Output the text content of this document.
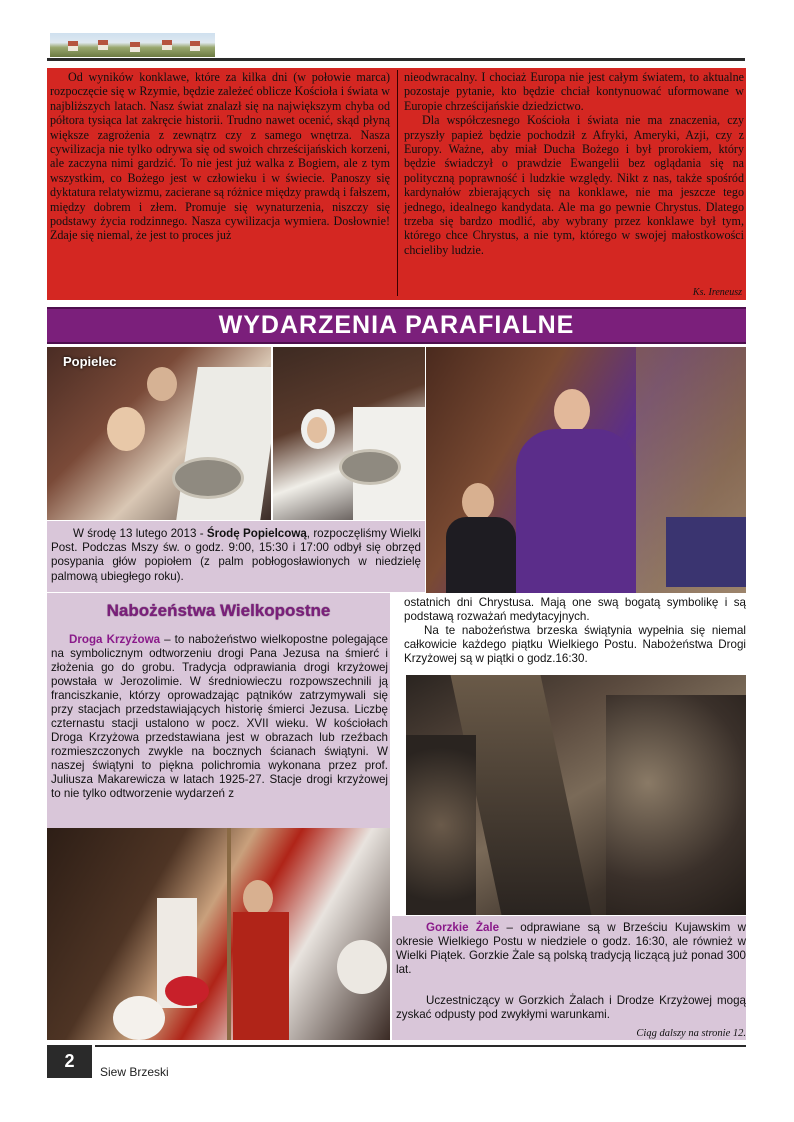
Od wyników konklawe, które za kilka dni (w połowie marca) rozpoczęcie się w Rzymie, będzie zależeć oblicze Kościoła i świata w najbliższych latach. Nasz świat znalazł się na największym chyba od półtora tysiąca lat zakręcie historii. Trudno nawet ocenić, skąd płyną większe zagrożenia z zewnątrz czy z samego wnętrza. Nasza cywilizacja nie tylko odrywa się od swoich chrześcijańskich korzeni, ale zaczyna nimi gardzić. To nie jest już walka z Bogiem, ale z tym wszystkim, co Bożego jest w człowieku i w świecie. Panoszy się dyktatura relatywizmu, zacierane są różnice między prawdą i fałszem, między dobrem i złem. Promuje się wynaturzenia, niszczy się podstawy życia rodzinnego. Nasza cywilizacja wymiera. Dosłownie! Zdaje się niemal, że jest to proces już

nieodwracalny. I chociaż Europa nie jest całym światem, to aktualne pozostaje pytanie, kto będzie chciał kontynuować uformowane w Europie chrześcijańskie dziedzictwo.

Dla współczesnego Kościoła i świata nie ma znaczenia, czy przyszły papież będzie pochodził z Afryki, Ameryki, Azji, czy z Europy. Ważne, aby miał Ducha Bożego i był prorokiem, który będzie świadczył o prawdzie Ewangelii bez oglądania się na polityczną poprawność i ludzkie względy. Nikt z nas, także spośród kardynałów zbierających się na konklawe, nie ma jeszcze tego jednego, idealnego kandydata. Ale ma go pewnie Chrystus. Dlatego trzeba się bardzo modlić, aby wybrany przez konklawe był tym, którego chce Chrystus, a nie tym, którego w swojej małostkowości chcieliby ludzie.

Ks. Ireneusz
WYDARZENIA PARAFIALNE
Popielec

W środę 13 lutego 2013 - Środę Popielcową, rozpoczęliśmy Wielki Post. Podczas Mszy św. o godz. 9:00, 15:30 i 17:00 odbył się obrzęd posypania głów popiołem (z palm pobłogosławionych w niedzielę palmową ubiegłego roku).

Nabożeństwa Wielkopostne

Droga Krzyżowa – to nabożeństwo wielkopostne polegające na symbolicznym odtworzeniu drogi Pana Jezusa na śmierć i złożenia go do grobu. Tradycja odprawiania drogi krzyżowej powstała w Jerozolimie. W średniowieczu rozpowszechnili ją franciszkanie, którzy oprowadzając pątników zatrzymywali się przy stacjach przedstawiających historię śmierci Jezusa. Liczbę czternastu stacji ustalono w pocz. XVII wieku. W kościołach Droga Krzyżowa przedstawiana jest w obrazach lub rzeźbach rozmieszczonych zwykle na bocznych ścianach świątyni. W naszej świątyni to piękna polichromia wykonana przez prof. Juliusza Makarewicza w latach 1925-27. Stacje drogi krzyżowej to nie tylko odtworzenie wydarzeń z

ostatnich dni Chrystusa. Mają one swą bogatą symbolikę i są podstawą rozważań medytacyjnych.

Na te nabożeństwa brzeska świątynia wypełnia się niemal całkowicie każdego piątku Wielkiego Postu. Nabożeństwa Drogi Krzyżowej są w piątki o godz.16:30.

Gorzkie Żale – odprawiane są w Brześciu Kujawskim w okresie Wielkiego Postu w niedziele o godz. 16:30, ale również w Wielki Piątek. Gorzkie Żale są polską tradycją liczącą już ponad 300 lat.

Uczestniczący w Gorzkich Żalach i Drodze Krzyżowej mogą zyskać odpusty pod zwykłymi warunkami.

Ciąg dalszy na stronie 12.
2
Siew Brzeski
